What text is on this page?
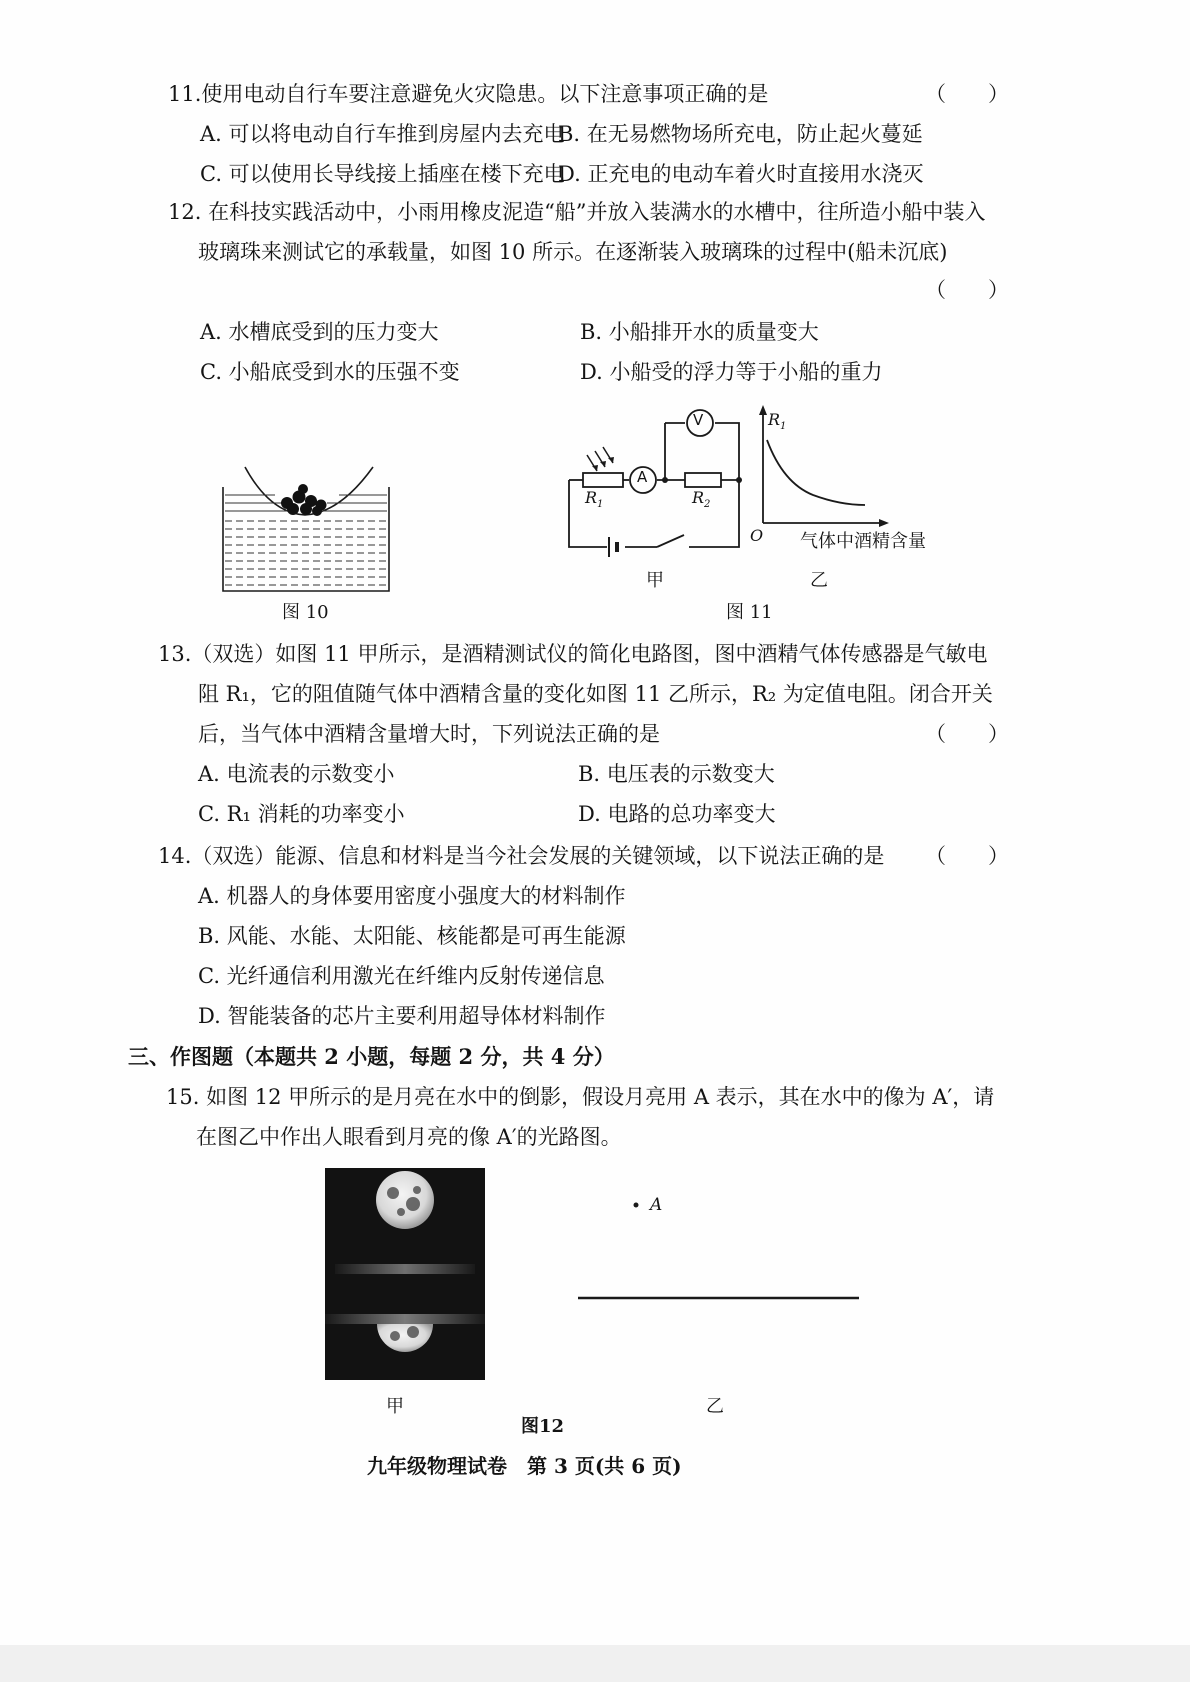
11.使用电动自行车要注意避免火灾隐患。以下注意事项正确的是	（　　）
A. 可以将电动自行车推到房屋内去充电
B. 在无易燃物场所充电，防止起火蔓延
C. 可以使用长导线接上插座在楼下充电
D. 正充电的电动车着火时直接用水浇灭
12. 在科技实践活动中，小雨用橡皮泥造“船”并放入装满水的水槽中，往所造小船中装入
玻璃珠来测试它的承载量，如图 10 所示。在逐渐装入玻璃珠的过程中(船未沉底)
（　　）
A. 水槽底受到的压力变大	B. 小船排开水的质量变大
C. 小船底受到水的压强不变	D. 小船受的浮力等于小船的重力
图 10
V
A
$R_1$	$R_2$
甲
$R_1$
O 气体中酒精含量
乙
图 11
13.（双选）如图 11 甲所示，是酒精测试仪的简化电路图，图中酒精气体传感器是气敏电
阻 R₁，它的阻值随气体中酒精含量的变化如图 11 乙所示，R₂ 为定值电阻。闭合开关
后，当气体中酒精含量增大时，下列说法正确的是	（　　）
A. 电流表的示数变小	B. 电压表的示数变大
C. R₁ 消耗的功率变小	D. 电路的总功率变大
14.（双选）能源、信息和材料是当今社会发展的关键领域，以下说法正确的是 （　　）
A. 机器人的身体要用密度小强度大的材料制作
B. 风能、水能、太阳能、核能都是可再生能源
C. 光纤通信利用激光在纤维内反射传递信息
D. 智能装备的芯片主要利用超导体材料制作
三、作图题（本题共 2 小题，每题 2 分，共 4 分）
15. 如图 12 甲所示的是月亮在水中的倒影，假设月亮用 A 表示，其在水中的像为 A′，请
在图乙中作出人眼看到月亮的像 A′的光路图。
甲
A
乙
图12
九年级物理试卷　第 3 页(共 6 页)
